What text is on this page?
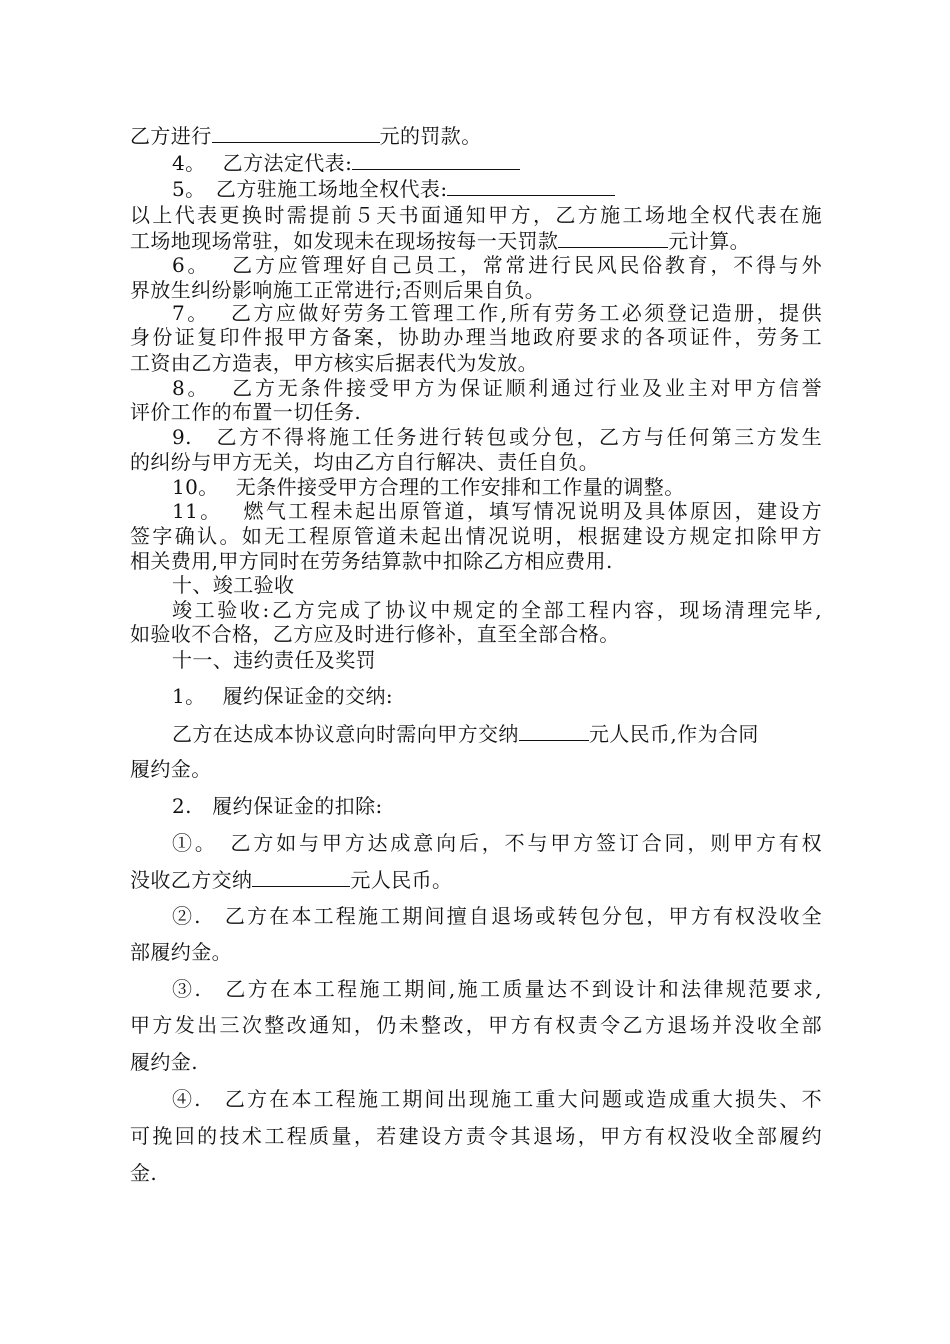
乙方进行	元的罚款。
4。　 乙方法定代表:
5。　乙方驻施工场地全权代表:
以上代表更换时需提前５天书面通知甲方，乙方施工场地全权代表在施
工场地现场常驻，如发现未在现场按每一天罚款	元计算。
6。　 乙方应管理好自己员工，常常进行民风民俗教育，不得与外
界放生纠纷影响施工正常进行;否则后果自负。
7。　 乙方应做好劳务工管理工作,所有劳务工必须登记造册，提供
身份证复印件报甲方备案，协助办理当地政府要求的各项证件，劳务工
工资由乙方造表，甲方核实后据表代为发放。
8。　 乙方无条件接受甲方为保证顺利通过行业及业主对甲方信誉
评价工作的布置一切任务.
9.　乙方不得将施工任务进行转包或分包，乙方与任何第三方发生
的纠纷与甲方无关，均由乙方自行解决、责任自负。
10。　 无条件接受甲方合理的工作安排和工作量的调整。
11。　 燃气工程未起出原管道，填写情况说明及具体原因，建设方
签字确认。如无工程原管道未起出情况说明，根据建设方规定扣除甲方
相关费用,甲方同时在劳务结算款中扣除乙方相应费用.
十、竣工验收
竣工验收:乙方完成了协议中规定的全部工程内容，现场清理完毕,
如验收不合格，乙方应及时进行修补，直至全部合格。
十一、违约责任及奖罚
1。　 履约保证金的交纳:
乙方在达成本协议意向时需向甲方交纳	元人民币,作为合同
履约金。
2.　履约保证金的扣除:
①。　乙方如与甲方达成意向后，不与甲方签订合同，则甲方有权
没收乙方交纳	元人民币。
②.　乙方在本工程施工期间擅自退场或转包分包，甲方有权没收全
部履约金。
③.　乙方在本工程施工期间,施工质量达不到设计和法律规范要求,
甲方发出三次整改通知，仍未整改，甲方有权责令乙方退场并没收全部
履约金.
④.　乙方在本工程施工期间出现施工重大问题或造成重大损失、不
可挽回的技术工程质量，若建设方责令其退场，甲方有权没收全部履约
金.
